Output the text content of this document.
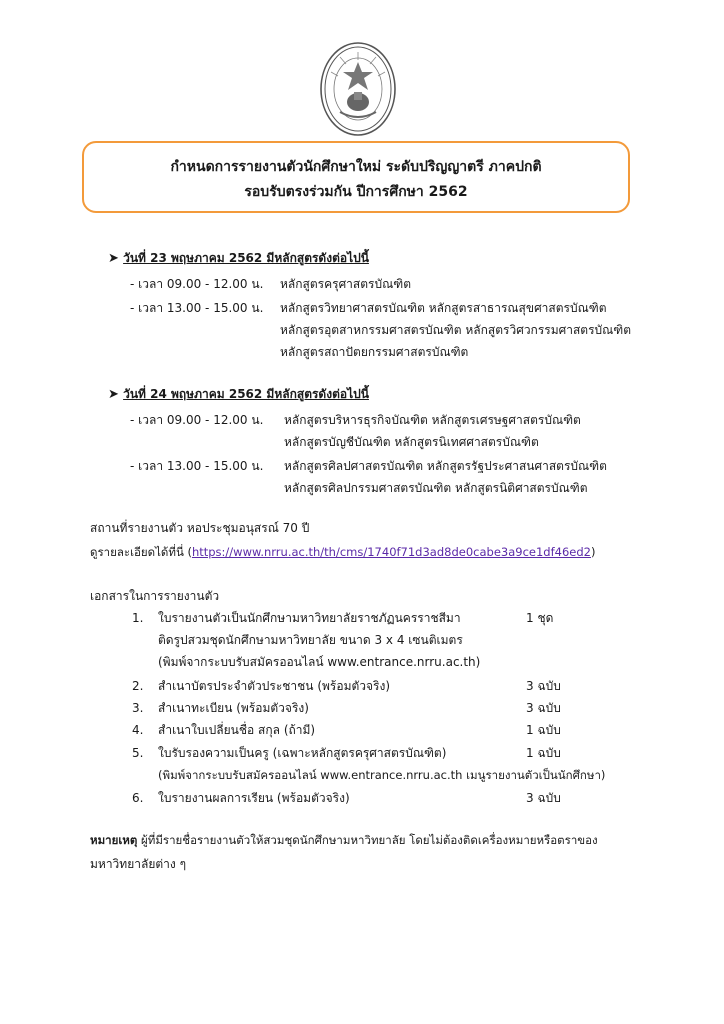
กำหนดการรายงานตัวนักศึกษาใหม่ ระดับปริญญาตรี ภาคปกติ
รอบรับตรงร่วมกัน ปีการศึกษา 2562
➤ วันที่ 23 พฤษภาคม 2562 มีหลักสูตรดังต่อไปนี้
- เวลา 09.00 - 12.00 น. หลักสูตรครุศาสตรบัณฑิต
- เวลา 13.00 - 15.00 น. หลักสูตรวิทยาศาสตรบัณฑิต หลักสูตรสาธารณสุขศาสตรบัณฑิต
หลักสูตรอุตสาหกรรมศาสตรบัณฑิต หลักสูตรวิศวกรรมศาสตรบัณฑิต
หลักสูตรสถาปัตยกรรมศาสตรบัณฑิต
➤ วันที่ 24 พฤษภาคม 2562 มีหลักสูตรดังต่อไปนี้
- เวลา 09.00 - 12.00 น. หลักสูตรบริหารธุรกิจบัณฑิต หลักสูตรเศรษฐศาสตรบัณฑิต
หลักสูตรบัญชีบัณฑิต หลักสูตรนิเทศศาสตรบัณฑิต
- เวลา 13.00 - 15.00 น. หลักสูตรศิลปศาสตรบัณฑิต หลักสูตรรัฐประศาสนศาสตรบัณฑิต
หลักสูตรศิลปกรรมศาสตรบัณฑิต หลักสูตรนิติศาสตรบัณฑิต
สถานที่รายงานตัว หอประชุมอนุสรณ์ 70 ปี
ดูรายละเอียดได้ที่นี่ (https://www.nrru.ac.th/th/cms/1740f71d3ad8de0cabe3a9ce1df46ed2)
เอกสารในการรายงานตัว
1. ใบรายงานตัวเป็นนักศึกษามหาวิทยาลัยราชภัฏนครราชสีมา	1 ชุด
ติดรูปสวมชุดนักศึกษามหาวิทยาลัย ขนาด 3 x 4 เซนติเมตร
(พิมพ์จากระบบรับสมัครออนไลน์ www.entrance.nrru.ac.th)
2. สำเนาบัตรประจำตัวประชาชน (พร้อมตัวจริง)	3 ฉบับ
3. สำเนาทะเบียน (พร้อมตัวจริง)	3 ฉบับ
4. สำเนาใบเปลี่ยนชื่อ สกุล (ถ้ามี)	1 ฉบับ
5. ใบรับรองความเป็นครู (เฉพาะหลักสูตรครุศาสตรบัณฑิต)	1 ฉบับ
(พิมพ์จากระบบรับสมัครออนไลน์ www.entrance.nrru.ac.th เมนูรายงานตัวเป็นนักศึกษา)
6. ใบรายงานผลการเรียน (พร้อมตัวจริง)	3 ฉบับ
หมายเหตุ ผู้ที่มีรายชื่อรายงานตัวให้สวมชุดนักศึกษามหาวิทยาลัย โดยไม่ต้องติดเครื่องหมายหรือตราของ
มหาวิทยาลัยต่าง ๆ
